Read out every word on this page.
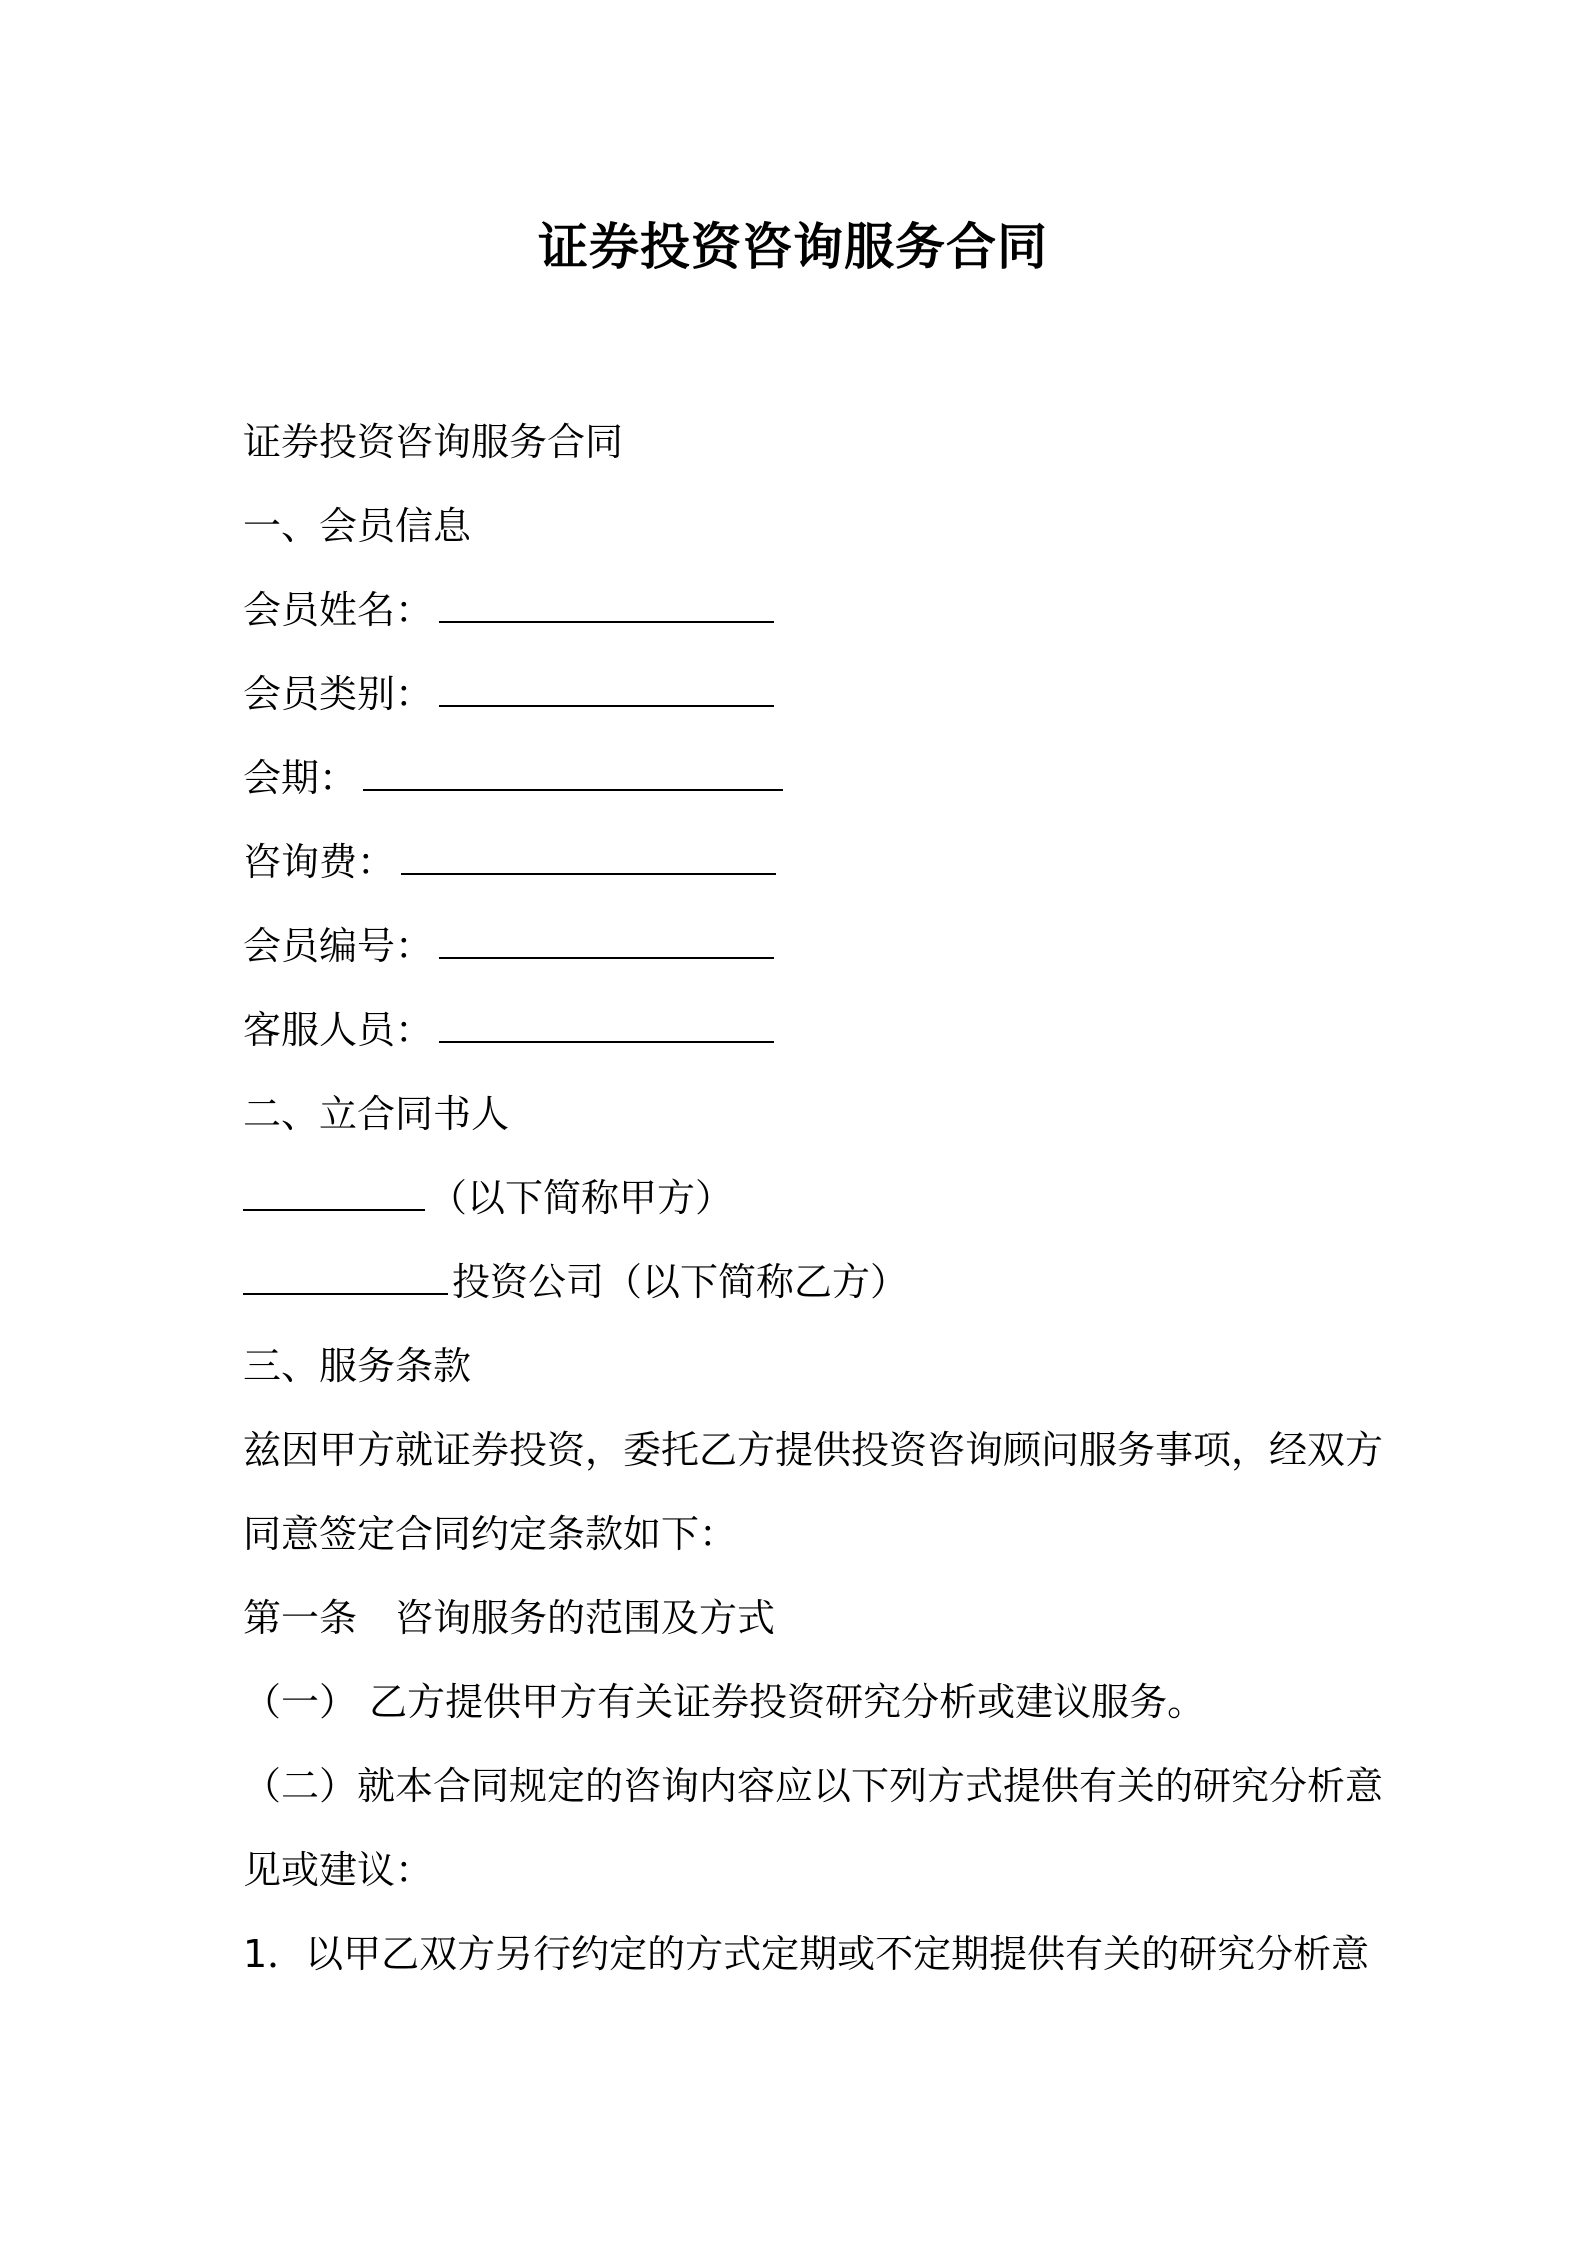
证券投资咨询服务合同
证券投资咨询服务合同
一、会员信息
会员姓名：
会员类别：
会期：
咨询费：
会员编号：
客服人员：
二、立合同书人
（以下简称甲方）
投资公司（以下简称乙方）
三、服务条款
兹因甲方就证券投资，委托乙方提供投资咨询顾问服务事项，经双方
同意签定合同约定条款如下：
第一条 咨询服务的范围及方式
（一） 乙方提供甲方有关证券投资研究分析或建议服务。
（二）就本合同规定的咨询内容应以下列方式提供有关的研究分析意
见或建议：
1．以甲乙双方另行约定的方式定期或不定期提供有关的研究分析意
